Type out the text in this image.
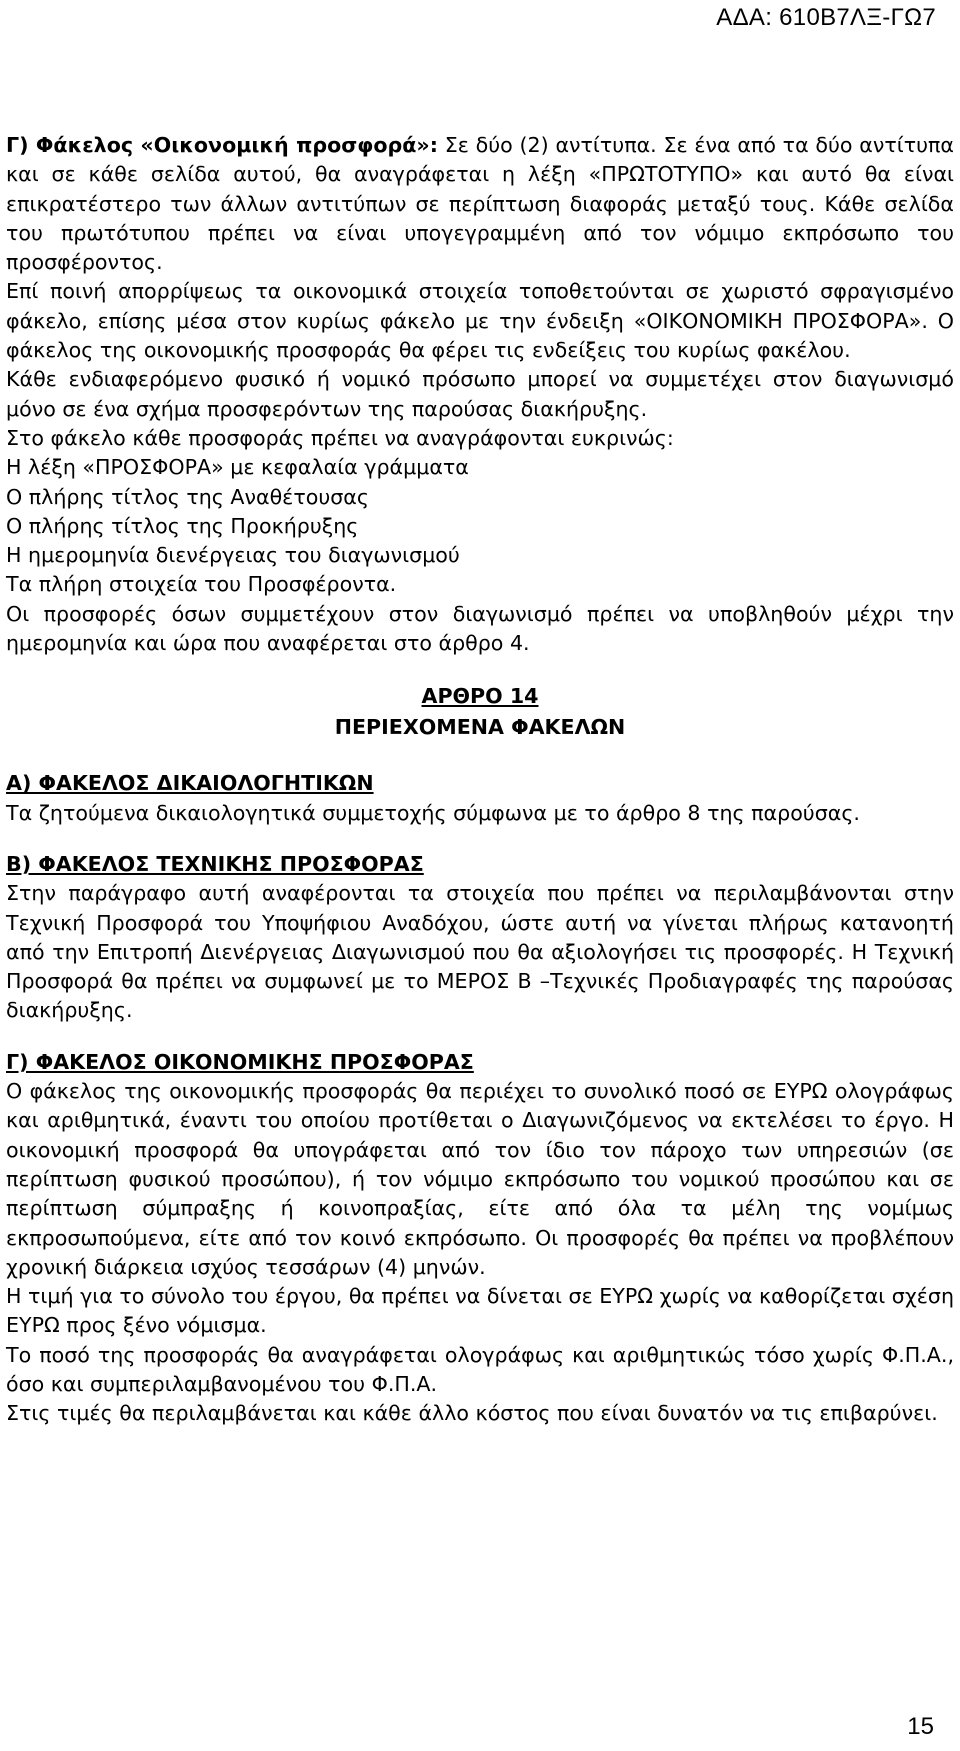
ΑΔΑ: 610Β7ΛΞ-ΓΩ7

Γ) Φάκελος «Οικονομική προσφορά»: Σε δύο (2) αντίτυπα. Σε ένα από τα δύο αντίτυπα και σε κάθε σελίδα αυτού, θα αναγράφεται η λέξη «ΠΡΩΤΟΤΥΠΟ» και αυτό θα είναι επικρατέστερο των άλλων αντιτύπων σε περίπτωση διαφοράς μεταξύ τους. Κάθε σελίδα του πρωτότυπου πρέπει να είναι υπογεγραμμένη από τον νόμιμο εκπρόσωπο του προσφέροντος.

Επί ποινή απορρίψεως τα οικονομικά στοιχεία τοποθετούνται σε χωριστό σφραγισμένο φάκελο, επίσης μέσα στον κυρίως φάκελο με την ένδειξη «ΟΙΚΟΝΟΜΙΚΗ ΠΡΟΣΦΟΡΑ». Ο φάκελος της οικονομικής προσφοράς θα φέρει τις ενδείξεις του κυρίως φακέλου.

Κάθε ενδιαφερόμενο φυσικό ή νομικό πρόσωπο μπορεί να συμμετέχει στον διαγωνισμό μόνο σε ένα σχήμα προσφερόντων της παρούσας διακήρυξης.

Στο φάκελο κάθε προσφοράς πρέπει να αναγράφονται ευκρινώς:

Η λέξη «ΠΡΟΣΦΟΡΑ» με κεφαλαία γράμματα

Ο πλήρης τίτλος της Αναθέτουσας

Ο πλήρης τίτλος της Προκήρυξης

Η ημερομηνία διενέργειας του διαγωνισμού

Τα πλήρη στοιχεία του Προσφέροντα.

Οι προσφορές όσων συμμετέχουν στον διαγωνισμό πρέπει να υποβληθούν μέχρι την ημερομηνία και ώρα που αναφέρεται στο άρθρο 4.

ΑΡΘΡΟ 14
ΠΕΡΙΕΧΟΜΕΝΑ ΦΑΚΕΛΩΝ

Α) ΦΑΚΕΛΟΣ ΔΙΚΑΙΟΛΟΓΗΤΙΚΩΝ

Τα ζητούμενα δικαιολογητικά συμμετοχής σύμφωνα με το άρθρο 8 της παρούσας.

Β) ΦΑΚΕΛΟΣ ΤΕΧΝΙΚΗΣ ΠΡΟΣΦΟΡΑΣ

Στην παράγραφο αυτή αναφέρονται τα στοιχεία που πρέπει να περιλαμβάνονται στην Τεχνική Προσφορά του Υποψήφιου Αναδόχου, ώστε αυτή να γίνεται πλήρως κατανοητή από την Επιτροπή Διενέργειας Διαγωνισμού που θα αξιολογήσει τις προσφορές. Η Τεχνική Προσφορά θα πρέπει να συμφωνεί με το ΜΕΡΟΣ Β –Τεχνικές Προδιαγραφές της παρούσας διακήρυξης.

Γ) ΦΑΚΕΛΟΣ ΟΙΚΟΝΟΜΙΚΗΣ ΠΡΟΣΦΟΡΑΣ

Ο φάκελος της οικονομικής προσφοράς θα περιέχει το συνολικό ποσό σε ΕΥΡΩ ολογράφως και αριθμητικά, έναντι του οποίου προτίθεται ο Διαγωνιζόμενος να εκτελέσει το έργο. Η οικονομική προσφορά θα υπογράφεται από τον ίδιο τον πάροχο των υπηρεσιών (σε περίπτωση φυσικού προσώπου), ή τον νόμιμο εκπρόσωπο του νομικού προσώπου και σε περίπτωση σύμπραξης ή κοινοπραξίας, είτε από όλα τα μέλη της νομίμως εκπροσωπούμενα, είτε από τον κοινό εκπρόσωπο. Οι προσφορές θα πρέπει να προβλέπουν χρονική διάρκεια ισχύος τεσσάρων (4) μηνών.

Η τιμή για το σύνολο του έργου, θα πρέπει να δίνεται σε ΕΥΡΩ χωρίς να καθορίζεται σχέση ΕΥΡΩ προς ξένο νόμισμα.

Το ποσό της προσφοράς θα αναγράφεται ολογράφως και αριθμητικώς τόσο χωρίς Φ.Π.Α., όσο και συμπεριλαμβανομένου του Φ.Π.Α.

Στις τιμές θα περιλαμβάνεται και κάθε άλλο κόστος που είναι δυνατόν να τις επιβαρύνει.

15
